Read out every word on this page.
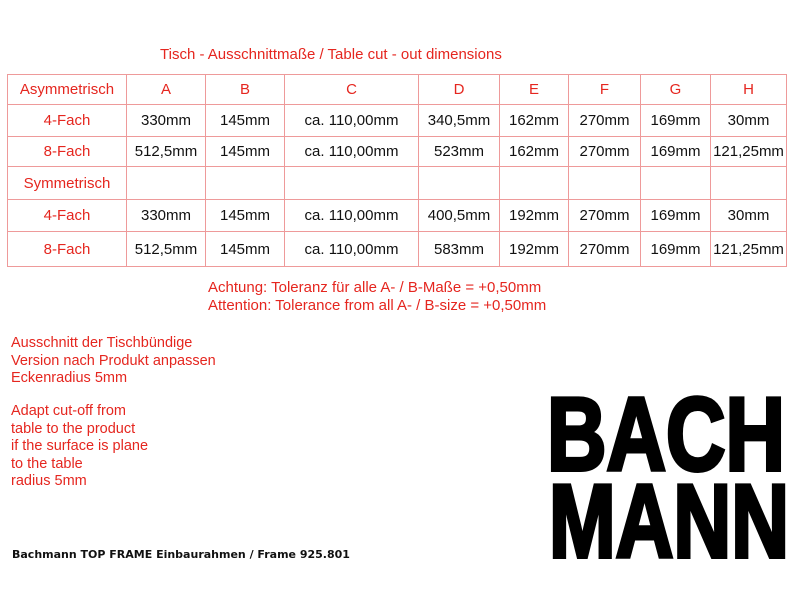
Tisch - Ausschnittmaße / Table cut - out dimensions
Asymmetrisch	A	B	C	D	E	F	G	H
4-Fach	330mm	145mm	ca. 110,00mm	340,5mm	162mm	270mm	169mm	30mm
8-Fach	512,5mm	145mm	ca. 110,00mm	523mm	162mm	270mm	169mm	121,25mm
Symmetrisch								
4-Fach	330mm	145mm	ca. 110,00mm	400,5mm	192mm	270mm	169mm	30mm
8-Fach	512,5mm	145mm	ca. 110,00mm	583mm	192mm	270mm	169mm	121,25mm
Achtung: Toleranz für alle A- / B-Maße = +0,50mm
Attention: Tolerance from all A- / B-size = +0,50mm
Ausschnitt der Tischbündige
Version nach Produkt anpassen
Eckenradius 5mm
Adapt cut-off from
table to the product
if the surface is plane
to the table
radius 5mm
Bachmann TOP FRAME Einbaurahmen / Frame 925.801
BACH
MANN
